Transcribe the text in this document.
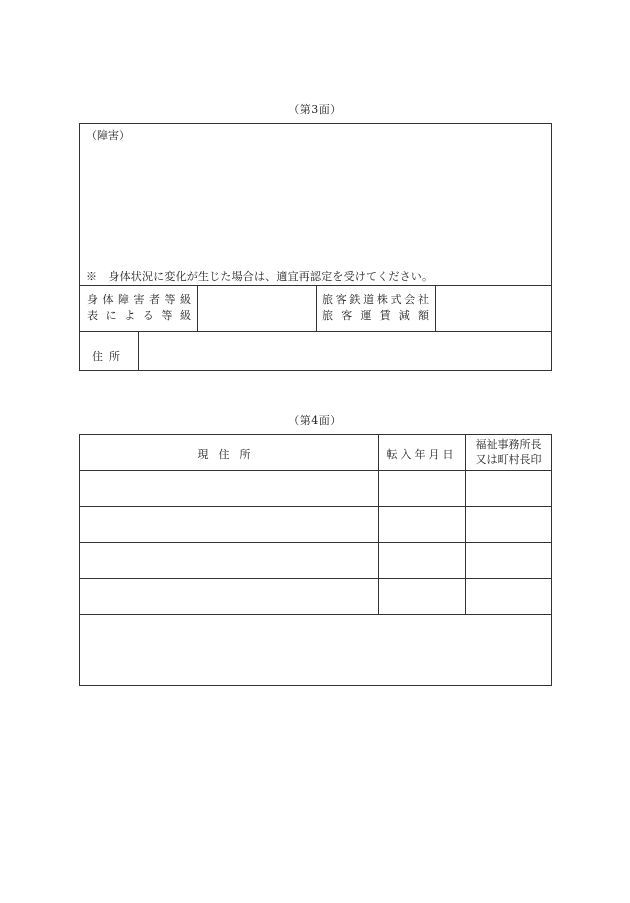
（第3面）
（障害）
※　身体状況に変化が生じた場合は、適宜再認定を受けてください。
身体障害者等級
表による等級
旅客鉄道株式会社
旅客運賃減額
住所
（第4面）
現住所	転入年月日
福祉事務所長
又は町村長印
